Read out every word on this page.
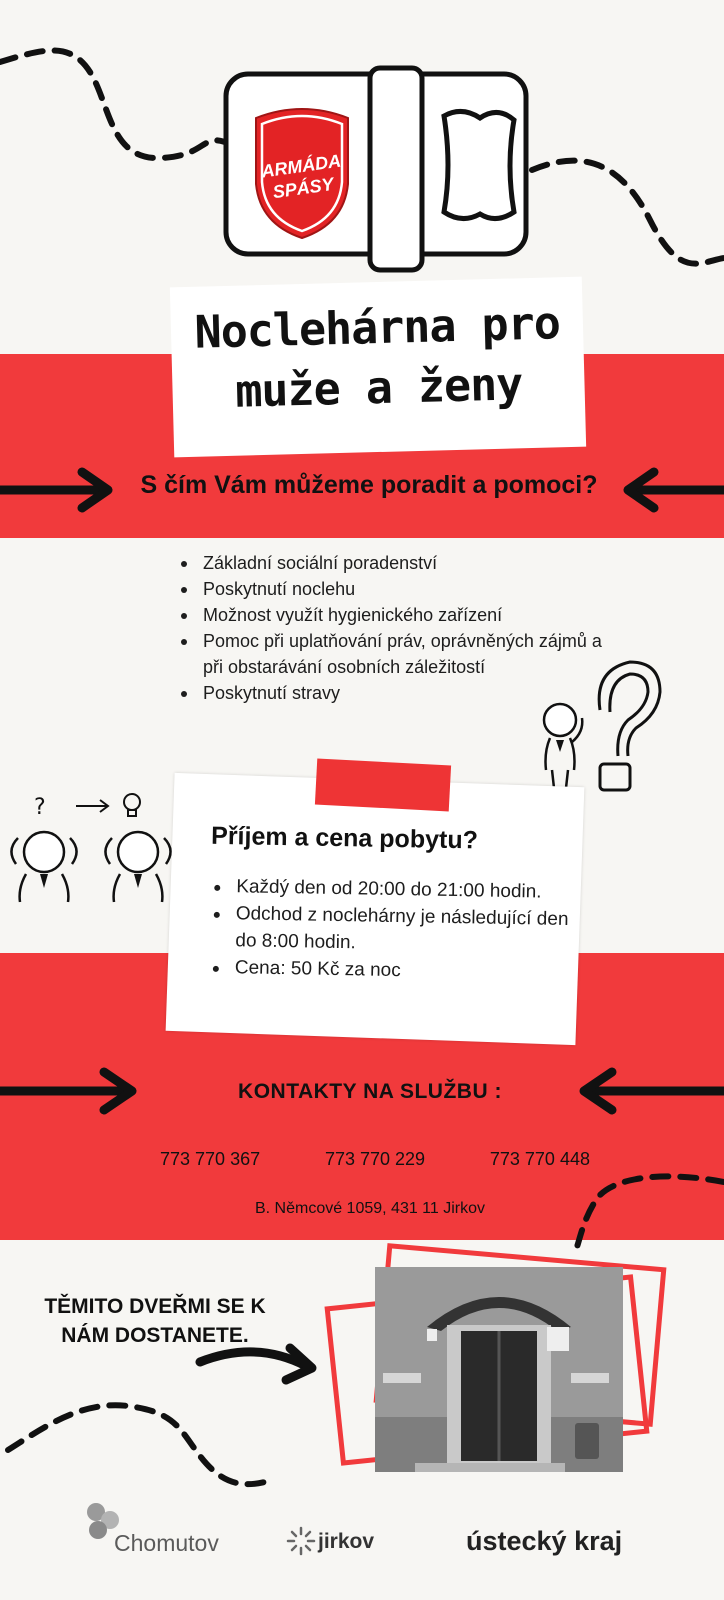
ARMÁDA
SPÁSY
Noclehárna pro
muže a ženy
S čím Vám můžeme poradit a pomoci?
Základní sociální poradenství
Poskytnutí noclehu
Možnost využít hygienického zařízení
Pomoc při uplatňování práv, oprávněných zájmů a při obstarávání osobních záležitostí
Poskytnutí stravy
?
Příjem a cena pobytu?
Každý den od 20:00 do 21:00 hodin.
Odchod z noclehárny je následující den do 8:00 hodin.
Cena: 50 Kč za noc
KONTAKTY NA SLUŽBU :
773 770 367	773 770 229	773 770 448
B. Němcové 1059, 431 11 Jirkov
TĚMITO DVEŘMI SE K NÁM DOSTANETE.
Chomutov	jirkov	ústecký kraj
